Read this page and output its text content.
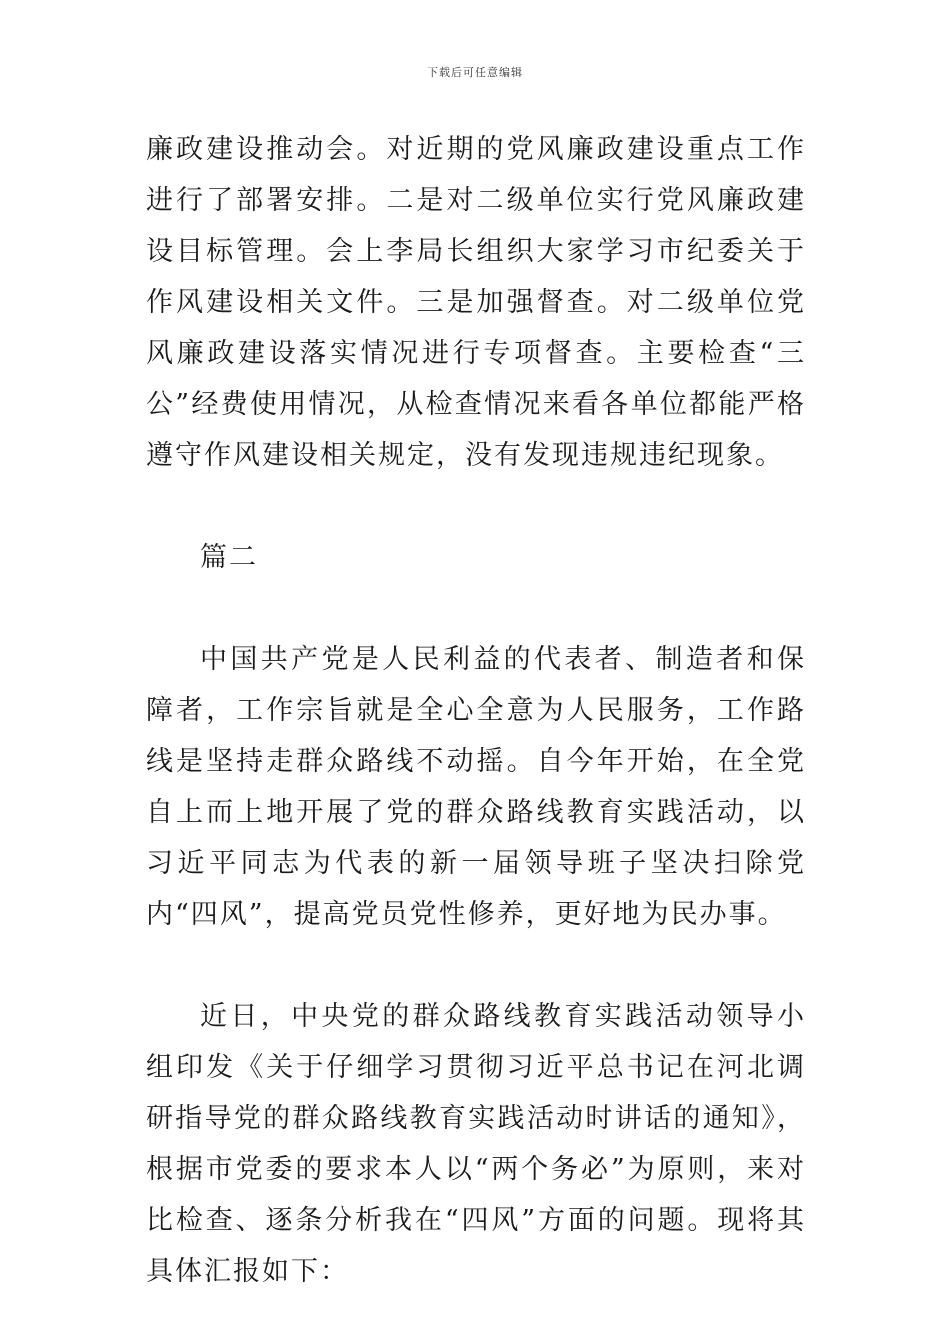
下载后可任意编辑

廉政建设推动会。对近期的党风廉政建设重点工作进行了部署安排。二是对二级单位实行党风廉政建设目标管理。会上李局长组织大家学习市纪委关于作风建设相关文件。三是加强督查。对二级单位党风廉政建设落实情况进行专项督查。主要检查“三公”经费使用情况，从检查情况来看各单位都能严格遵守作风建设相关规定，没有发现违规违纪现象。

篇二

中国共产党是人民利益的代表者、制造者和保障者，工作宗旨就是全心全意为人民服务，工作路线是坚持走群众路线不动摇。自今年开始，在全党自上而上地开展了党的群众路线教育实践活动，以习近平同志为代表的新一届领导班子坚决扫除党内“四风”，提高党员党性修养，更好地为民办事。

近日，中央党的群众路线教育实践活动领导小组印发《关于仔细学习贯彻习近平总书记在河北调研指导党的群众路线教育实践活动时讲话的通知》，根据市党委的要求本人以“两个务必”为原则，来对比检查、逐条分析我在“四风”方面的问题。现将其具体汇报如下：
